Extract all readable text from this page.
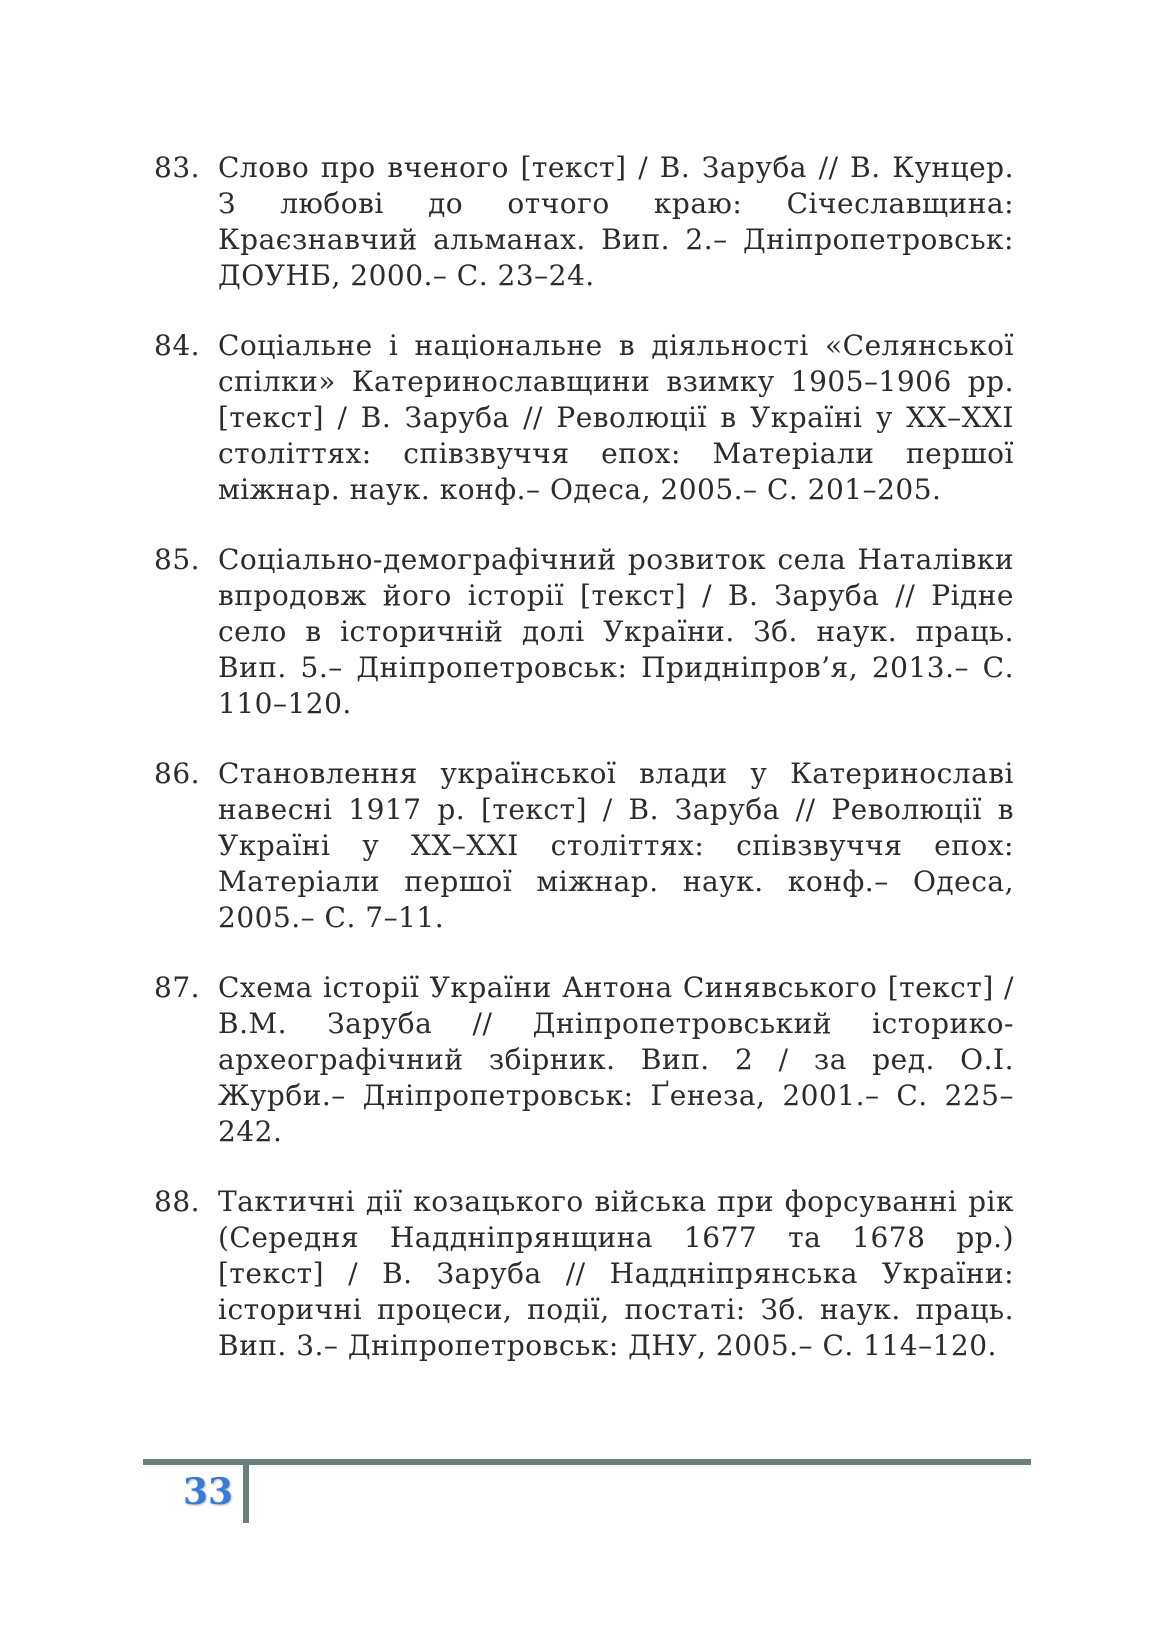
83. Слово про вченого [текст] / В. Заруба // В. Кунцер. З любові до отчого краю: Січеславщина: Краєзнавчий альманах. Вип. 2.– Дніпропетровськ: ДОУНБ, 2000.– С. 23–24.
84. Соціальне і національне в діяльності «Селянської спілки» Катеринославщини взимку 1905–1906 рр. [текст] / В. Заруба // Революції в Україні у XX–XXI століттях: співзвуччя епох: Матеріали першої міжнар. наук. конф.– Одеса, 2005.– С. 201–205.
85. Соціально-демографічний розвиток села Наталівки впродовж його історії [текст] / В. Заруба // Рідне село в історичній долі України. Зб. наук. праць. Вип. 5.– Дніпропетровськ: Придніпров’я, 2013.– С. 110–120.
86. Становлення української влади у Катеринославі навесні 1917 р. [текст] / В. Заруба // Революції в Україні у XX–XXI століттях: співзвуччя епох: Матеріали першої міжнар. наук. конф.– Одеса, 2005.– С. 7–11.
87. Схема історії України Антона Синявського [текст] / В.М. Заруба // Дніпропетровський історико-археографічний збірник. Вип. 2 / за ред. О.І. Журби.– Дніпропетровськ: Ґенеза, 2001.– С. 225–242.
88. Тактичні дії козацького війська при форсуванні рік (Середня Наддніпрянщина 1677 та 1678 рр.) [текст] / В. Заруба // Наддніпрянська України: історичні процеси, події, постаті: Зб. наук. праць. Вип. 3.– Дніпропетровськ: ДНУ, 2005.– С. 114–120.
33
